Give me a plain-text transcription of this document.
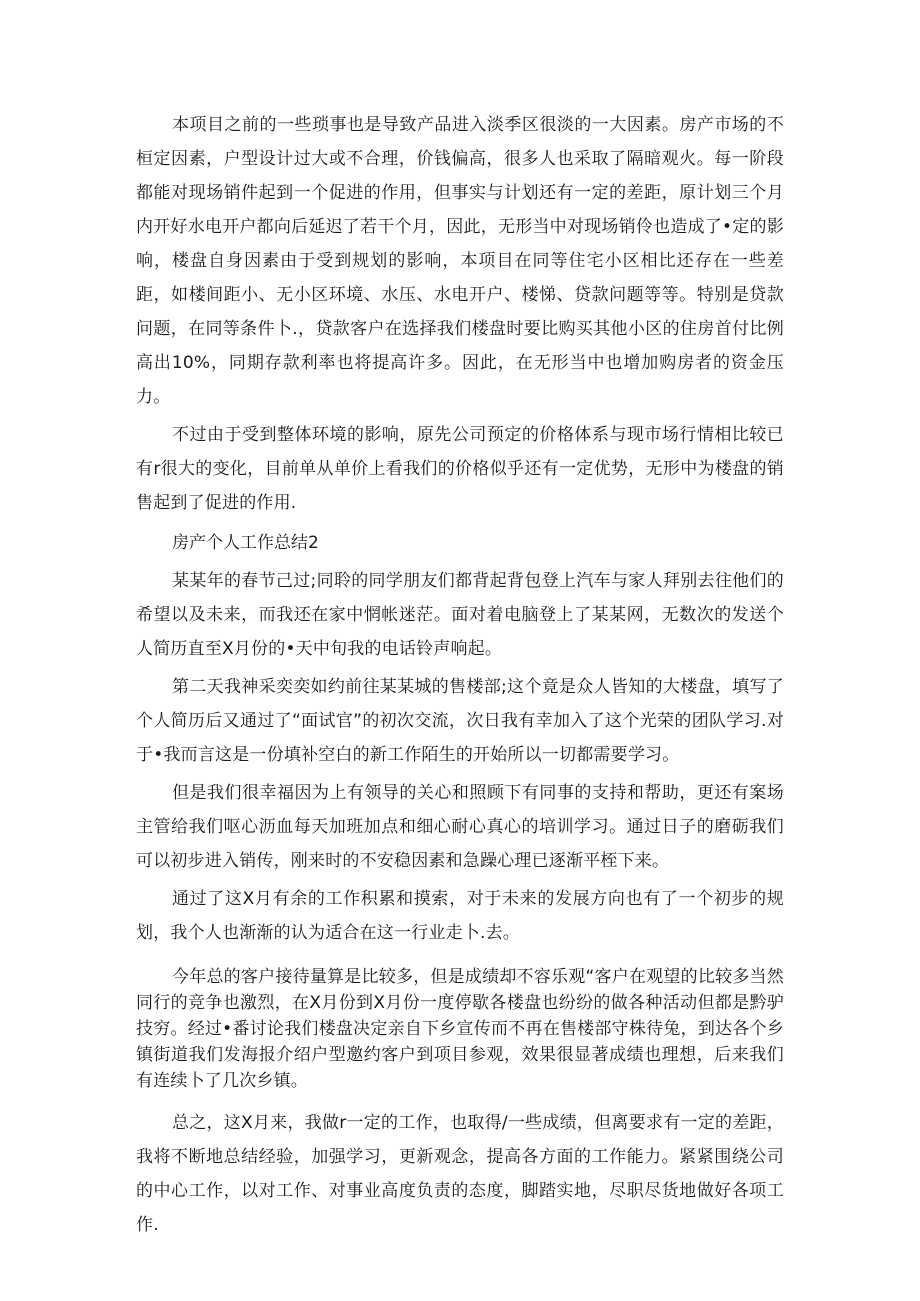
本项目之前的一些琐事也是导致产品进入淡季区很淡的一大因素。房产市场的不桓定因素，户型设计过大或不合理，价钱偏高，很多人也采取了隔暗观火。每一阶段都能对现场销件起到一个促进的作用，但事实与计划还有一定的差距，原计划三个月内开好水电开户都向后延迟了若干个月，因此，无形当中对现场销伶也造成了•定的影响，楼盘自身因素由于受到规划的影响，本项目在同等住宅小区相比还存在一些差距，如楼间距小、无小区环境、水压、水电开户、楼悌、贷款问题等等。特别是贷款问题，在同等条件卜.，贷款客户在选择我们楼盘时要比购买其他小区的住房首付比例高出10%，同期存款利率也将提高许多。因此，在无形当中也增加购房者的资金压力。

不过由于受到整体环境的影响，原先公司预定的价格体系与现市场行情相比较已有r很大的变化，目前单从单价上看我们的价格似乎还有一定优势，无形中为楼盘的销售起到了促进的作用.

房产个人工作总结2

某某年的春节己过;同聆的同学朋友们都背起背包登上汽车与家人拜别去往他们的希望以及未来，而我还在家中惘帐迷茫。面对着电脑登上了某某网，无数次的发送个人简历直至X月份的•天中旬我的电话铃声响起。

第二天我神采奕奕如约前往某某城的售楼部;这个竟是众人皆知的大楼盘，填写了个人简历后又通过了“面试官”的初次交流，次日我有幸加入了这个光荣的团队学习.对于•我而言这是一份填补空白的新工作陌生的开始所以一切都需要学习。

但是我们很幸福因为上有领导的关心和照顾下有同事的支持和帮助，更还有案场主管给我们呕心沥血每天加班加点和细心耐心真心的培训学习。通过日子的磨砺我们可以初步进入销传，刚来时的不安稳因素和急躁心理已逐渐平桎下来。

通过了这X月有余的工作积累和摸索，对于未来的发展方向也有了一个初步的规划，我个人也渐渐的认为适合在这一行业走卜.去。

今年总的客户接待量算是比较多，但是成绩却不容乐观“客户在观望的比较多当然同行的竞争也激烈，在X月份到X月份一度停歇各楼盘也纷纷的做各种活动但都是黔驴技穷。经过•番讨论我们楼盘决定亲自下乡宣传而不再在售楼部守株待兔，到达各个乡镇街道我们发海报介绍户型邀约客户到项目参观，效果很显著成绩也理想，后来我们有连续卜了几次乡镇。

总之，这X月来，我做r一定的工作，也取得/一些成绩，但离要求有一定的差距，我将不断地总结经验，加强学习，更新观念，提高各方面的工作能力。紧紧围绕公司的中心工作，以对工作、对事业高度负责的态度，脚踏实地，尽职尽货地做好各项工作.
